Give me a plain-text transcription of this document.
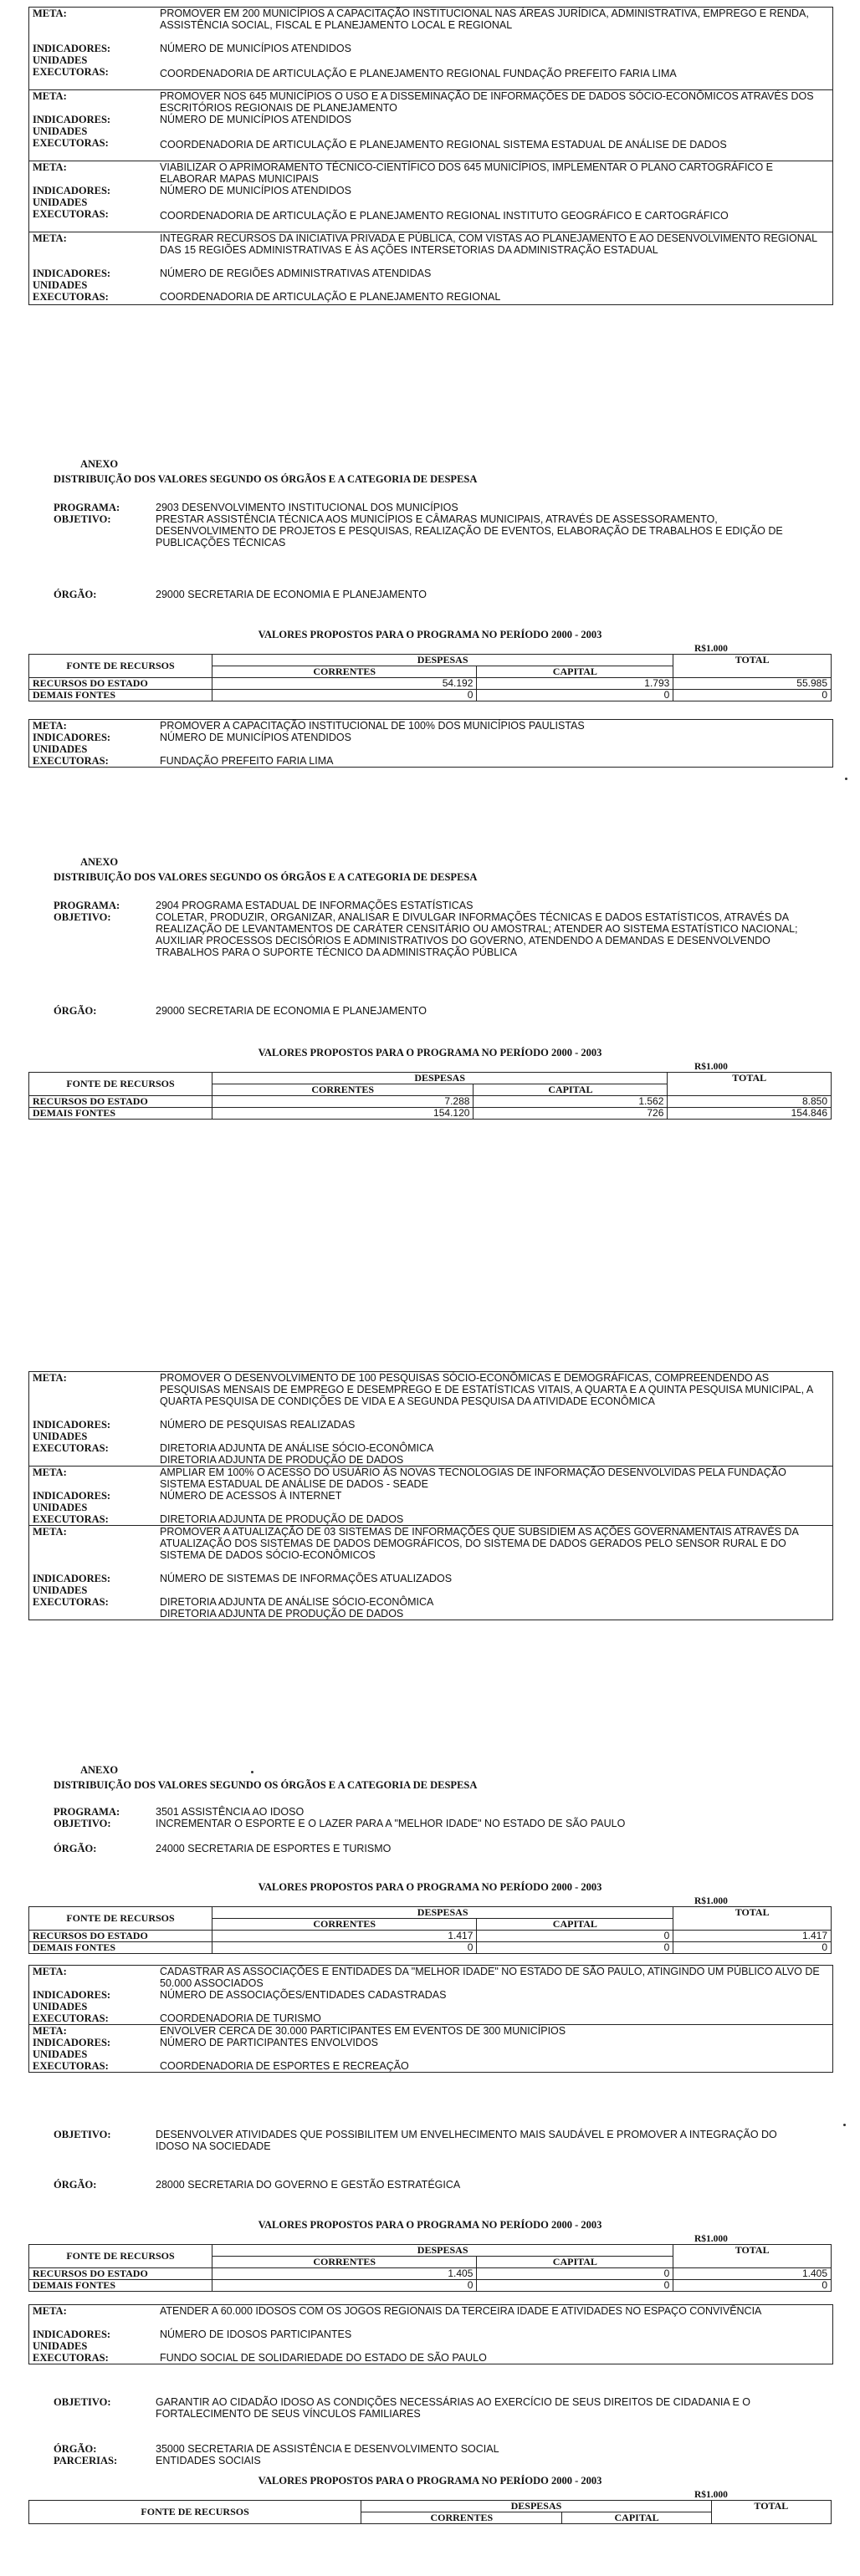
META:	PROMOVER EM 200 MUNICÍPIOS A CAPACITAÇÃO INSTITUCIONAL NAS ÁREAS JURÍDICA, ADMINISTRATIVA, EMPREGO E RENDA, ASSISTÊNCIA SOCIAL, FISCAL E PLANEJAMENTO LOCAL E REGIONAL
INDICADORES:	NÚMERO DE MUNICÍPIOS ATENDIDOS
UNIDADES
EXECUTORAS:	COORDENADORIA DE ARTICULAÇÃO E PLANEJAMENTO REGIONAL FUNDAÇÃO PREFEITO FARIA LIMA
META:	PROMOVER NOS 645 MUNICÍPIOS O USO E A DISSEMINAÇÃO DE INFORMAÇÕES DE DADOS SÓCIO-ECONÔMICOS ATRAVÉS DOS ESCRITÓRIOS REGIONAIS DE PLANEJAMENTO
INDICADORES:	NÚMERO DE MUNICÍPIOS ATENDIDOS
UNIDADES
EXECUTORAS:	COORDENADORIA DE ARTICULAÇÃO E PLANEJAMENTO REGIONAL SISTEMA ESTADUAL DE ANÁLISE DE DADOS
META:	VIABILIZAR O APRIMORAMENTO TÉCNICO-CIENTÍFICO DOS 645 MUNICÍPIOS, IMPLEMENTAR O PLANO CARTOGRÁFICO E ELABORAR MAPAS MUNICIPAIS
INDICADORES:	NÚMERO DE MUNICÍPIOS ATENDIDOS
UNIDADES
EXECUTORAS:	COORDENADORIA DE ARTICULAÇÃO E PLANEJAMENTO REGIONAL INSTITUTO GEOGRÁFICO E CARTOGRÁFICO
META:	INTEGRAR RECURSOS DA INICIATIVA PRIVADA E PÚBLICA, COM VISTAS AO PLANEJAMENTO E AO DESENVOLVIMENTO REGIONAL DAS 15 REGIÕES ADMINISTRATIVAS E ÀS AÇÕES INTERSETORIAS DA ADMINISTRAÇÃO ESTADUAL
INDICADORES:	NÚMERO DE REGIÕES ADMINISTRATIVAS ATENDIDAS
UNIDADES
EXECUTORAS:	COORDENADORIA DE ARTICULAÇÃO E PLANEJAMENTO REGIONAL
ANEXO
DISTRIBUIÇÃO DOS VALORES SEGUNDO OS ÓRGÃOS E A CATEGORIA DE DESPESA
PROGRAMA:	2903 DESENVOLVIMENTO INSTITUCIONAL DOS MUNICÍPIOS
OBJETIVO:	PRESTAR ASSISTÊNCIA TÉCNICA AOS MUNICÍPIOS E CÂMARAS MUNICIPAIS, ATRAVÉS DE ASSESSORAMENTO, DESENVOLVIMENTO DE PROJETOS E PESQUISAS, REALIZAÇÃO DE EVENTOS, ELABORAÇÃO DE TRABALHOS E EDIÇÃO DE PUBLICAÇÕES TÉCNICAS
ÓRGÃO:	29000 SECRETARIA DE ECONOMIA E PLANEJAMENTO
VALORES PROPOSTOS PARA O PROGRAMA NO PERÍODO 2000 - 2003
R$1.000
FONTE DE RECURSOS	DESPESAS		TOTAL
	CORRENTES	CAPITAL	
RECURSOS DO ESTADO	54.192	1.793	55.985
DEMAIS FONTES	0	0	0
META:	PROMOVER A CAPACITAÇÃO INSTITUCIONAL DE 100% DOS MUNICÍPIOS PAULISTAS
INDICADORES:	NÚMERO DE MUNICÍPIOS ATENDIDOS
UNIDADES
EXECUTORAS:	FUNDAÇÃO PREFEITO FARIA LIMA
ANEXO
DISTRIBUIÇÃO DOS VALORES SEGUNDO OS ÓRGÃOS E A CATEGORIA DE DESPESA
PROGRAMA:	2904 PROGRAMA ESTADUAL DE INFORMAÇÕES ESTATÍSTICAS
OBJETIVO:	COLETAR, PRODUZIR, ORGANIZAR, ANALISAR E DIVULGAR INFORMAÇÕES TÉCNICAS E DADOS ESTATÍSTICOS, ATRAVÉS DA REALIZAÇÃO DE LEVANTAMENTOS DE CARÁTER CENSITÁRIO OU AMOSTRAL; ATENDER AO SISTEMA ESTATÍSTICO NACIONAL; AUXILIAR PROCESSOS DECISÓRIOS E ADMINISTRATIVOS DO GOVERNO, ATENDENDO A DEMANDAS E DESENVOLVENDO TRABALHOS PARA O SUPORTE TÉCNICO DA ADMINISTRAÇÃO PÚBLICA
ÓRGÃO:	29000 SECRETARIA DE ECONOMIA E PLANEJAMENTO
VALORES PROPOSTOS PARA O PROGRAMA NO PERÍODO 2000 - 2003
R$1.000
FONTE DE RECURSOS	DESPESAS		TOTAL
	CORRENTES	CAPITAL	
RECURSOS DO ESTADO	7.288	1.562	8.850
DEMAIS FONTES	154.120	726	154.846
META:	PROMOVER O DESENVOLVIMENTO DE 100 PESQUISAS SÓCIO-ECONÔMICAS E DEMOGRÁFICAS, COMPREENDENDO AS PESQUISAS MENSAIS DE EMPREGO E DESEMPREGO E DE ESTATÍSTICAS VITAIS, A QUARTA E A QUINTA PESQUISA MUNICIPAL, A QUARTA PESQUISA DE CONDIÇÕES DE VIDA E A SEGUNDA PESQUISA DA ATIVIDADE ECONÔMICA
INDICADORES:	NÚMERO DE PESQUISAS REALIZADAS
UNIDADES
EXECUTORAS:	DIRETORIA ADJUNTA DE ANÁLISE SÓCIO-ECONÔMICA
DIRETORIA ADJUNTA DE PRODUÇÃO DE DADOS
META:	AMPLIAR EM 100% O ACESSO DO USUÁRIO ÀS NOVAS TECNOLOGIAS DE INFORMAÇÃO DESENVOLVIDAS PELA FUNDAÇÃO SISTEMA ESTADUAL DE ANÁLISE DE DADOS - SEADE
INDICADORES:	NÚMERO DE ACESSOS À INTERNET
UNIDADES
EXECUTORAS:	DIRETORIA ADJUNTA DE PRODUÇÃO DE DADOS
META:	PROMOVER A ATUALIZAÇÃO DE 03 SISTEMAS DE INFORMAÇÕES QUE SUBSIDIEM AS AÇÕES GOVERNAMENTAIS ATRAVÉS DA ATUALIZAÇÃO DOS SISTEMAS DE DADOS DEMOGRÁFICOS, DO SISTEMA DE DADOS GERADOS PELO SENSOR RURAL E DO SISTEMA DE DADOS SÓCIO-ECONÔMICOS
INDICADORES:	NÚMERO DE SISTEMAS DE INFORMAÇÕES ATUALIZADOS
UNIDADES
EXECUTORAS:	DIRETORIA ADJUNTA DE ANÁLISE SÓCIO-ECONÔMICA
DIRETORIA ADJUNTA DE PRODUÇÃO DE DADOS
ANEXO
DISTRIBUIÇÃO DOS VALORES SEGUNDO OS ÓRGÃOS E A CATEGORIA DE DESPESA
PROGRAMA:	3501 ASSISTÊNCIA AO IDOSO
OBJETIVO:	INCREMENTAR O ESPORTE E O LAZER PARA A "MELHOR IDADE" NO ESTADO DE SÃO PAULO
ÓRGÃO:	24000 SECRETARIA DE ESPORTES E TURISMO
VALORES PROPOSTOS PARA O PROGRAMA NO PERÍODO 2000 - 2003
R$1.000
FONTE DE RECURSOS	DESPESAS		TOTAL
	CORRENTES	CAPITAL	
RECURSOS DO ESTADO	1.417	0	1.417
DEMAIS FONTES	0	0	0
META:	CADASTRAR AS ASSOCIAÇÕES E ENTIDADES DA "MELHOR IDADE" NO ESTADO DE SÃO PAULO, ATINGINDO UM PÚBLICO ALVO DE 50.000 ASSOCIADOS
INDICADORES:	NÚMERO DE ASSOCIAÇÕES/ENTIDADES CADASTRADAS
UNIDADES
EXECUTORAS:	COORDENADORIA DE TURISMO
META:	ENVOLVER CERCA DE 30.000 PARTICIPANTES EM EVENTOS DE 300 MUNICÍPIOS
INDICADORES:	NÚMERO DE PARTICIPANTES ENVOLVIDOS
UNIDADES
EXECUTORAS:	COORDENADORIA DE ESPORTES E RECREAÇÃO
OBJETIVO:	DESENVOLVER ATIVIDADES QUE POSSIBILITEM UM ENVELHECIMENTO MAIS SAUDÁVEL E PROMOVER A INTEGRAÇÃO DO IDOSO NA SOCIEDADE
ÓRGÃO:	28000 SECRETARIA DO GOVERNO E GESTÃO ESTRATÉGICA
VALORES PROPOSTOS PARA O PROGRAMA NO PERÍODO 2000 - 2003
R$1.000
FONTE DE RECURSOS	DESPESAS		TOTAL
	CORRENTES	CAPITAL	
RECURSOS DO ESTADO	1.405	0	1.405
DEMAIS FONTES	0	0	0
META:	ATENDER A 60.000 IDOSOS COM OS JOGOS REGIONAIS DA TERCEIRA IDADE E ATIVIDADES NO ESPAÇO CONVIVÊNCIA
INDICADORES:	NÚMERO DE IDOSOS PARTICIPANTES
UNIDADES
EXECUTORAS:	FUNDO SOCIAL DE SOLIDARIEDADE DO ESTADO DE SÃO PAULO
OBJETIVO:	GARANTIR AO CIDADÃO IDOSO AS CONDIÇÕES NECESSÁRIAS AO EXERCÍCIO DE SEUS DIREITOS DE CIDADANIA E O FORTALECIMENTO DE SEUS VÍNCULOS FAMILIARES
ÓRGÃO:	35000 SECRETARIA DE ASSISTÊNCIA E DESENVOLVIMENTO SOCIAL
PARCERIAS:	ENTIDADES SOCIAIS
VALORES PROPOSTOS PARA O PROGRAMA NO PERÍODO 2000 - 2003
R$1.000
FONTE DE RECURSOS	DESPESAS		TOTAL
	CORRENTES	CAPITAL	
